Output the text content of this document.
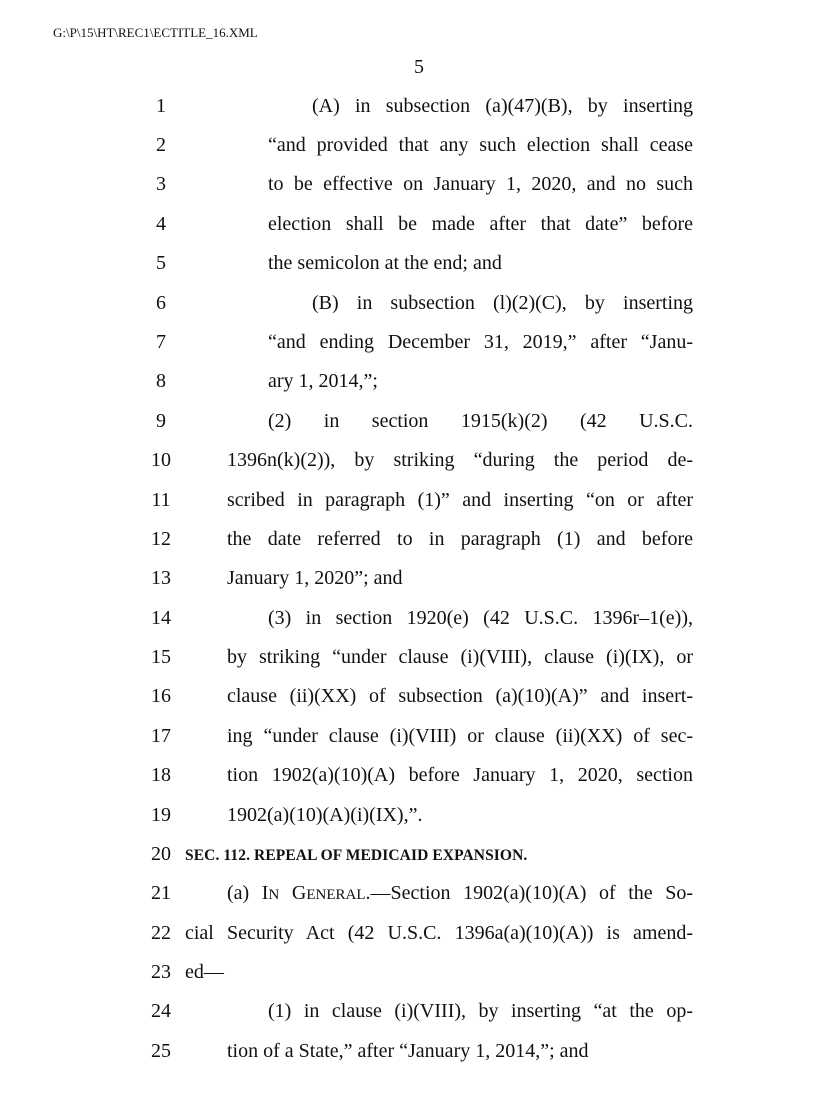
G:\P\15\HT\REC1\ECTITLE_16.XML
5
1
2
3
4
5
6
7
8
9
10
11
12
13
14
15
16
17
18
19
20
21
22
23
24
25
(A) in subsection (a)(47)(B), by inserting
“and provided that any such election shall cease
to be effective on January 1, 2020, and no such
election shall be made after that date” before
the semicolon at the end; and
(B) in subsection (l)(2)(C), by inserting
“and ending December 31, 2019,” after “Janu-
ary 1, 2014,”;
(2) in section 1915(k)(2) (42 U.S.C.
1396n(k)(2)), by striking “during the period de-
scribed in paragraph (1)” and inserting “on or after
the date referred to in paragraph (1) and before
January 1, 2020”; and
(3) in section 1920(e) (42 U.S.C. 1396r–1(e)),
by striking “under clause (i)(VIII), clause (i)(IX), or
clause (ii)(XX) of subsection (a)(10)(A)” and insert-
ing “under clause (i)(VIII) or clause (ii)(XX) of sec-
tion 1902(a)(10)(A) before January 1, 2020, section
1902(a)(10)(A)(i)(IX),”.
SEC. 112. REPEAL OF MEDICAID EXPANSION.
(a) IN GENERAL.—Section 1902(a)(10)(A) of the So-
cial Security Act (42 U.S.C. 1396a(a)(10)(A)) is amend-
ed—
(1) in clause (i)(VIII), by inserting “at the op-
tion of a State,” after “January 1, 2014,”; and
